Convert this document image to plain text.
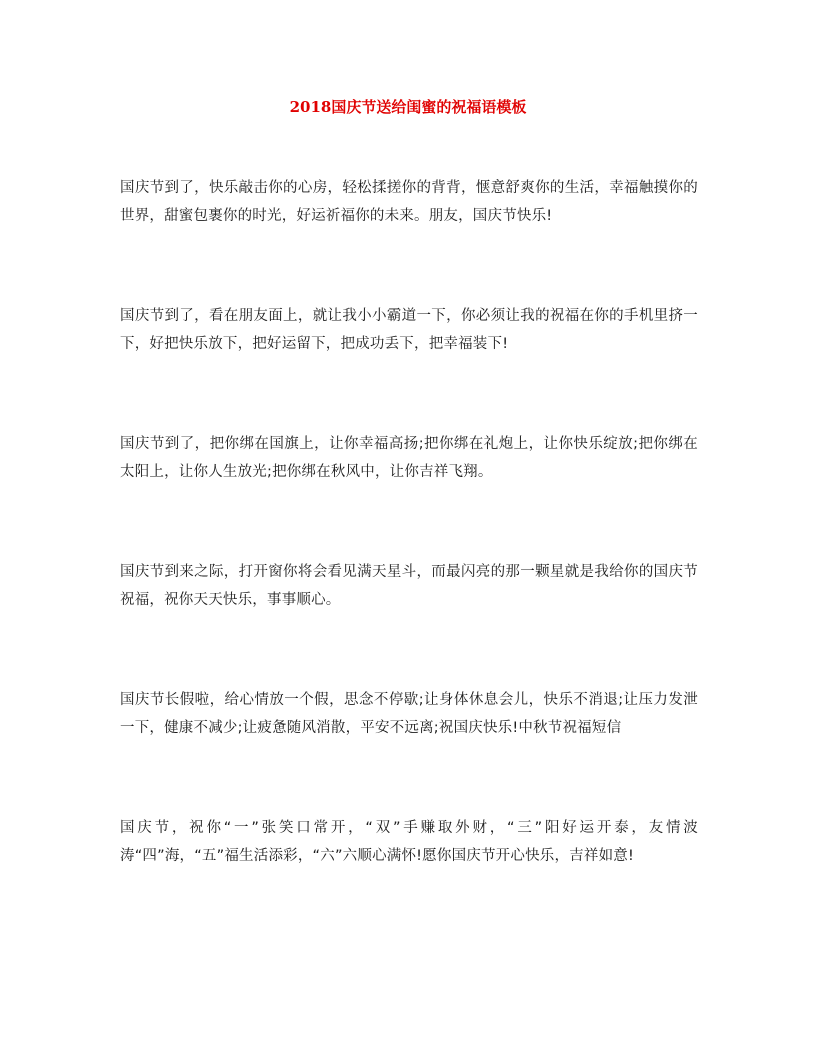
2018国庆节送给闺蜜的祝福语模板

国庆节到了，快乐敲击你的心房，轻松揉搓你的背背，惬意舒爽你的生活，幸福触摸你的世界，甜蜜包裹你的时光，好运祈福你的未来。朋友，国庆节快乐!

国庆节到了，看在朋友面上，就让我小小霸道一下，你必须让我的祝福在你的手机里挤一下，好把快乐放下，把好运留下，把成功丢下，把幸福装下!

国庆节到了，把你绑在国旗上，让你幸福高扬;把你绑在礼炮上，让你快乐绽放;把你绑在太阳上，让你人生放光;把你绑在秋风中，让你吉祥飞翔。

国庆节到来之际，打开窗你将会看见满天星斗，而最闪亮的那一颗星就是我给你的国庆节祝福，祝你天天快乐，事事顺心。

国庆节长假啦，给心情放一个假，思念不停歇;让身体休息会儿，快乐不消退;让压力发泄一下，健康不减少;让疲惫随风消散，平安不远离;祝国庆快乐!中秋节祝福短信

国庆节，祝你“一”张笑口常开，“双”手赚取外财，“三”阳好运开泰，友情波涛“四”海，“五”福生活添彩，“六”六顺心满怀!愿你国庆节开心快乐，吉祥如意!
